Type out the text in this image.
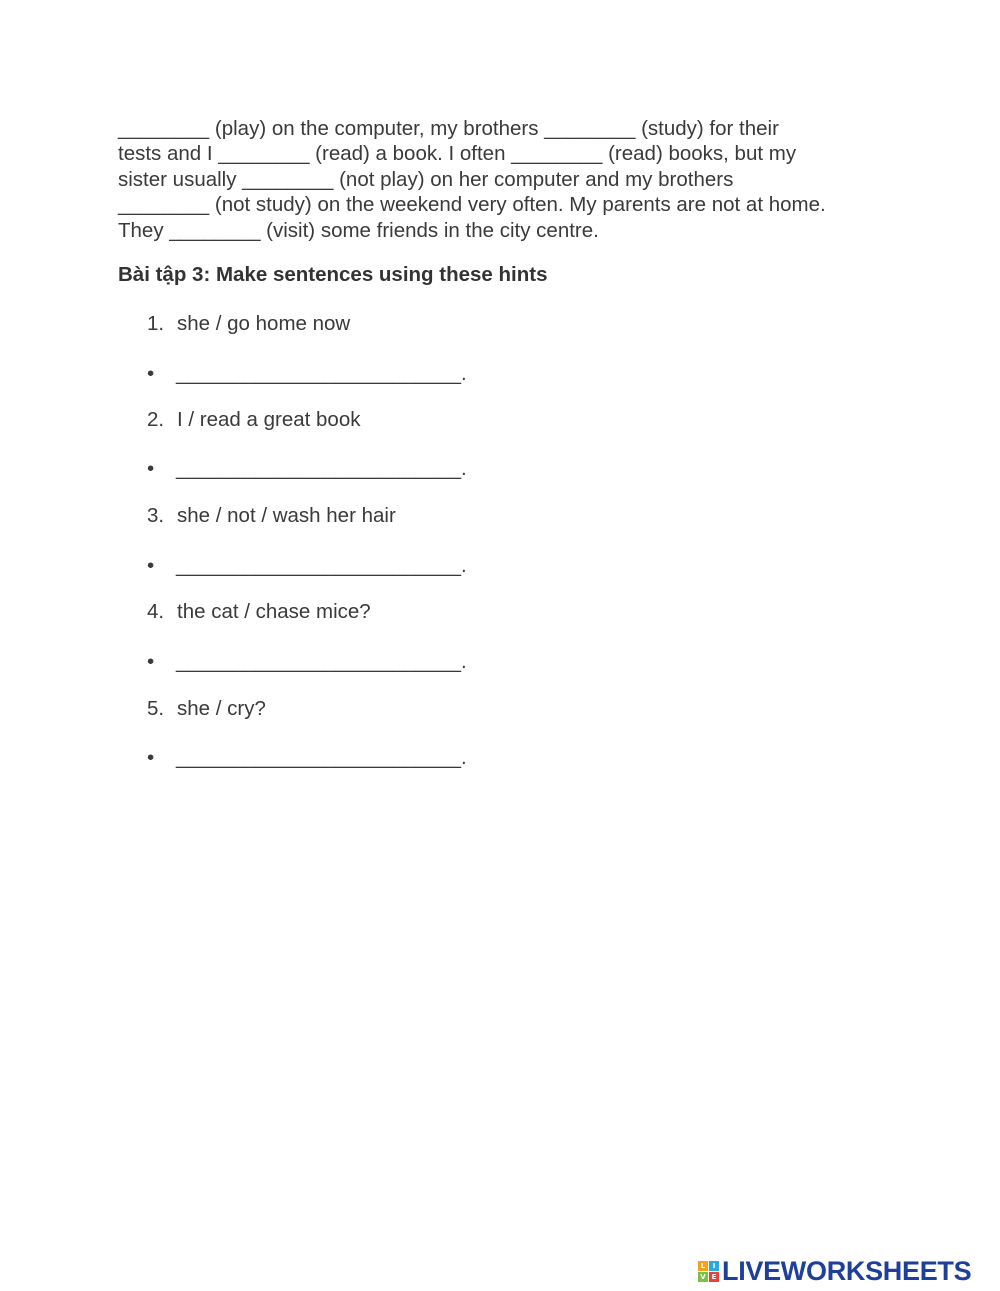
________ (play) on the computer, my brothers ________ (study) for their
tests and I ________ (read) a book. I often ________ (read) books, but my
sister usually ________ (not play) on her computer and my brothers
________ (not study) on the weekend very often. My parents are not at home.
They ________ (visit) some friends in the city centre.
Bài tập 3: Make sentences using these hints
1. she / go home now
• _________________________.
2. I / read a great book
• _________________________.
3. she / not / wash her hair
• _________________________.
4. the cat / chase mice?
• _________________________.
5. she / cry?
• _________________________.
L	I
V E LIVEWORKSHEETS
